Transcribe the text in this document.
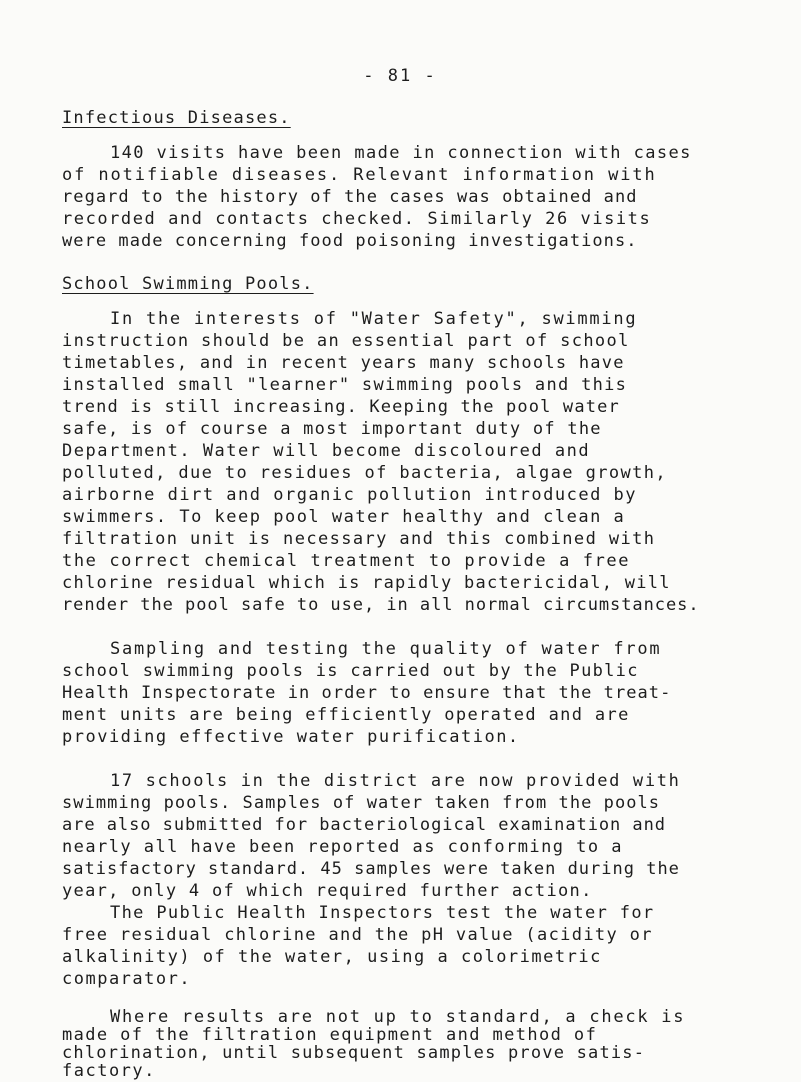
- 81 -
Infectious Diseases.
140 visits have been made in connection with cases
of notifiable diseases. Relevant information with
regard to the history of the cases was obtained and
recorded and contacts checked. Similarly 26 visits
were made concerning food poisoning investigations.
School Swimming Pools.
In the interests of "Water Safety", swimming
instruction should be an essential part of school
timetables, and in recent years many schools have
installed small "learner" swimming pools and this
trend is still increasing. Keeping the pool water
safe, is of course a most important duty of the
Department. Water will become discoloured and
polluted, due to residues of bacteria, algae growth,
airborne dirt and organic pollution introduced by
swimmers. To keep pool water healthy and clean a
filtration unit is necessary and this combined with
the correct chemical treatment to provide a free
chlorine residual which is rapidly bactericidal, will
render the pool safe to use, in all normal circumstances.
Sampling and testing the quality of water from
school swimming pools is carried out by the Public
Health Inspectorate in order to ensure that the treat-
ment units are being efficiently operated and are
providing effective water purification.
17 schools in the district are now provided with
swimming pools. Samples of water taken from the pools
are also submitted for bacteriological examination and
nearly all have been reported as conforming to a
satisfactory standard. 45 samples were taken during the
year, only 4 of which required further action.
The Public Health Inspectors test the water for
free residual chlorine and the pH value (acidity or
alkalinity) of the water, using a colorimetric
comparator.
Where results are not up to standard, a check is
made of the filtration equipment and method of
chlorination, until subsequent samples prove satis-
factory.
